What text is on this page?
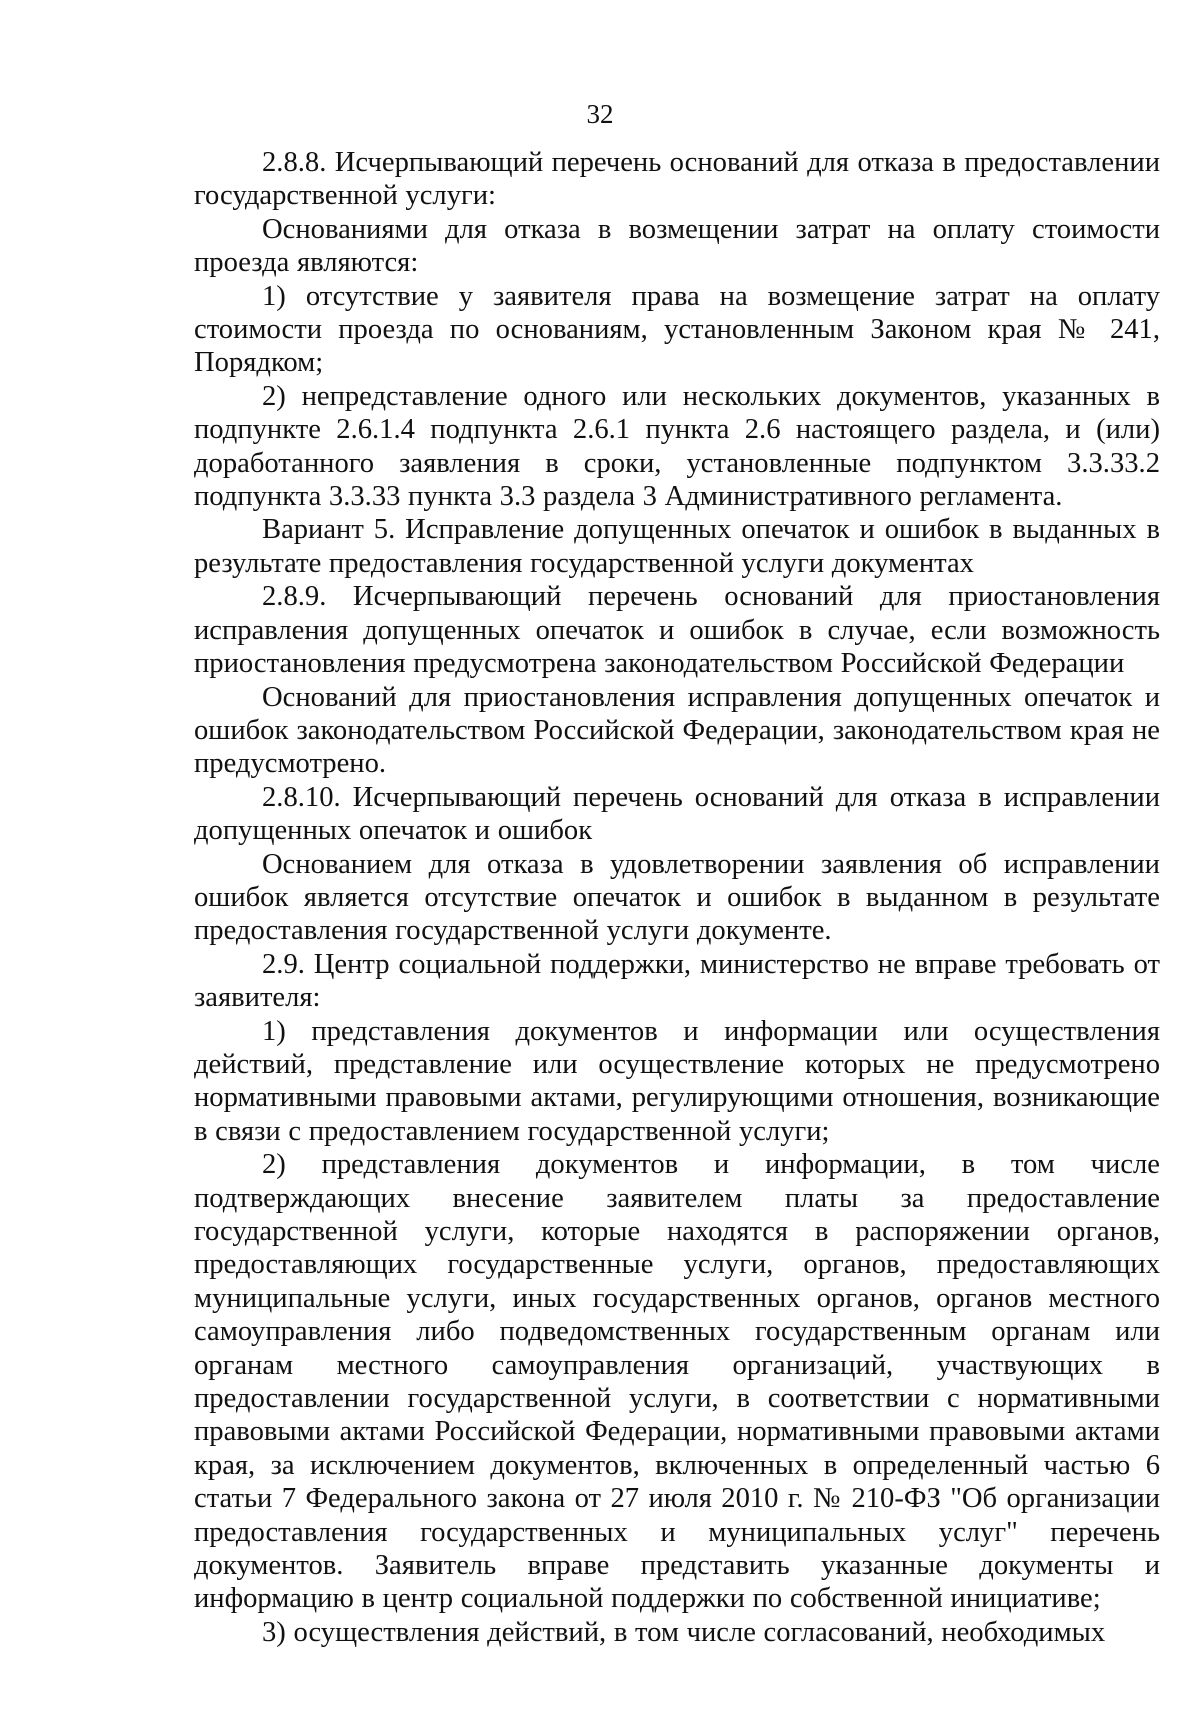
32

2.8.8. Исчерпывающий перечень оснований для отказа в предоставлении государственной услуги:

Основаниями для отказа в возмещении затрат на оплату стоимости проезда являются:

1) отсутствие у заявителя права на возмещение затрат на оплату стоимости проезда по основаниям, установленным Законом края № 241, Порядком;

2) непредставление одного или нескольких документов, указанных в подпункте 2.6.1.4 подпункта 2.6.1 пункта 2.6 настоящего раздела, и (или) доработанного заявления в сроки, установленные подпунктом 3.3.33.2 подпункта 3.3.33 пункта 3.3 раздела 3 Административного регламента.

Вариант 5. Исправление допущенных опечаток и ошибок в выданных в результате предоставления государственной услуги документах

2.8.9. Исчерпывающий перечень оснований для приостановления исправления допущенных опечаток и ошибок в случае, если возможность приостановления предусмотрена законодательством Российской Федерации

Оснований для приостановления исправления допущенных опечаток и ошибок законодательством Российской Федерации, законодательством края не предусмотрено.

2.8.10. Исчерпывающий перечень оснований для отказа в исправлении допущенных опечаток и ошибок

Основанием для отказа в удовлетворении заявления об исправлении ошибок является отсутствие опечаток и ошибок в выданном в результате предоставления государственной услуги документе.

2.9. Центр социальной поддержки, министерство не вправе требовать от заявителя:

1) представления документов и информации или осуществления действий, представление или осуществление которых не предусмотрено нормативными правовыми актами, регулирующими отношения, возникающие в связи с предоставлением государственной услуги;

2) представления документов и информации, в том числе подтверждающих внесение заявителем платы за предоставление государственной услуги, которые находятся в распоряжении органов, предоставляющих государственные услуги, органов, предоставляющих муниципальные услуги, иных государственных органов, органов местного самоуправления либо подведомственных государственным органам или органам местного самоуправления организаций, участвующих в предоставлении государственной услуги, в соответствии с нормативными правовыми актами Российской Федерации, нормативными правовыми актами края, за исключением документов, включенных в определенный частью 6 статьи 7 Федерального закона от 27 июля 2010 г. № 210-ФЗ "Об организации предоставления государственных и муниципальных услуг" перечень документов. Заявитель вправе представить указанные документы и информацию в центр социальной поддержки по собственной инициативе;

3) осуществления действий, в том числе согласований, необходимых
